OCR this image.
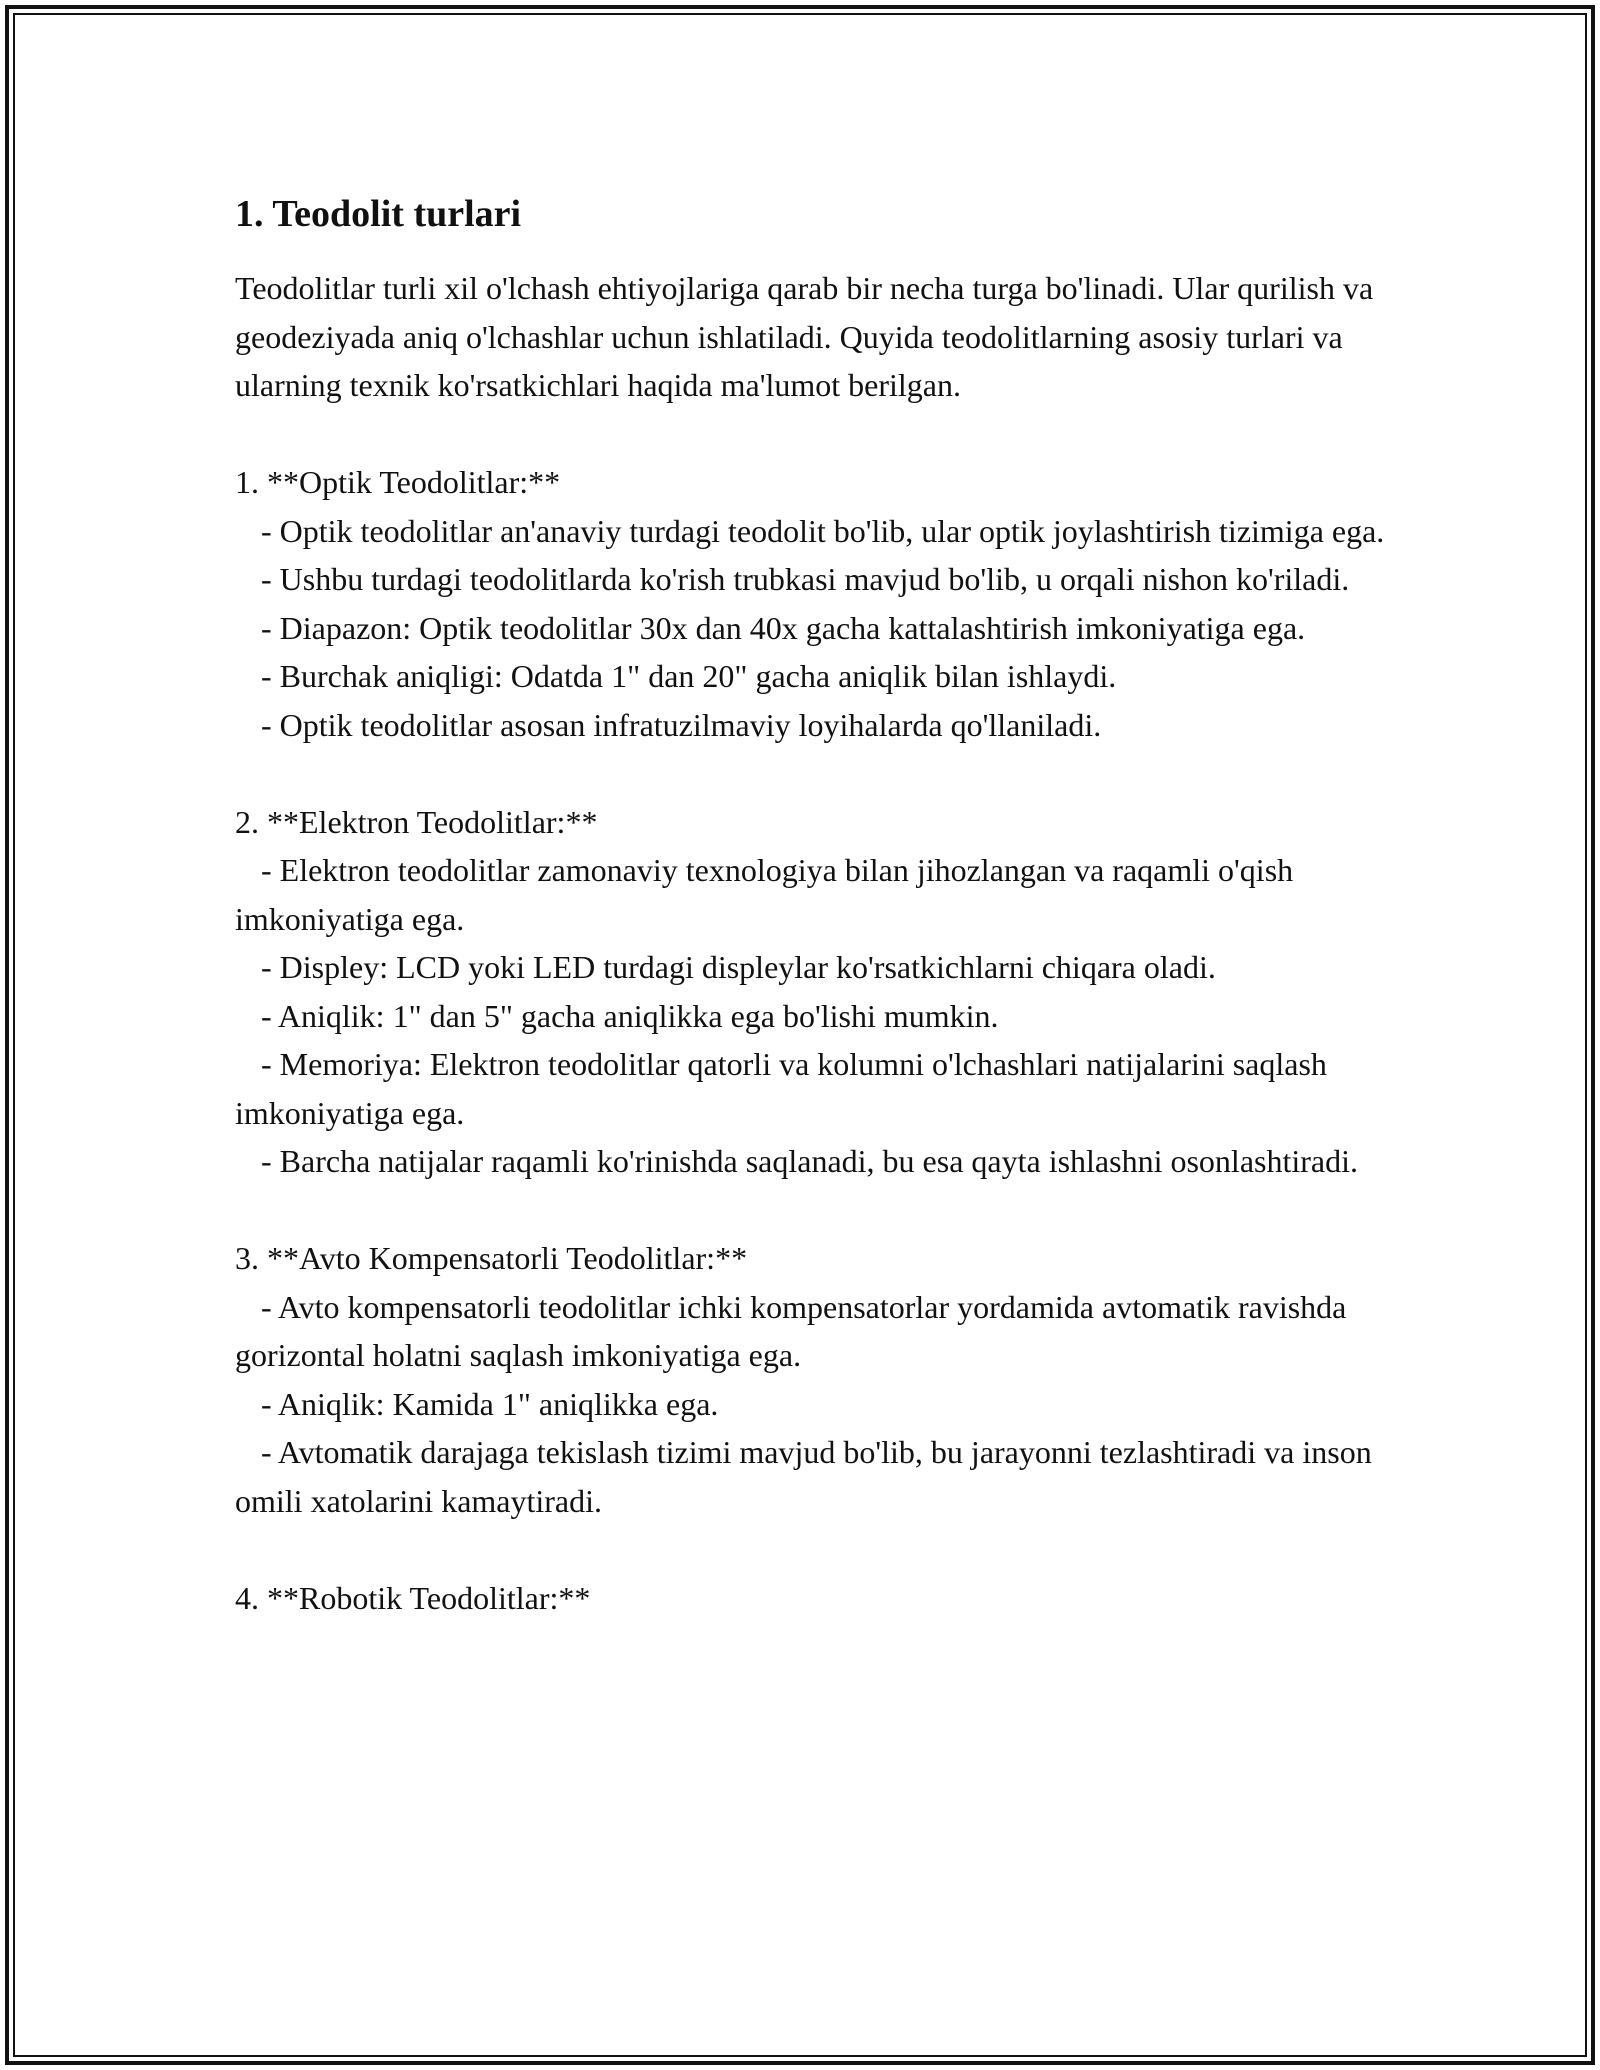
1. Teodolit turlari

Teodolitlar turli xil o'lchash ehtiyojlariga qarab bir necha turga bo'linadi. Ular qurilish va geodeziyada aniq o'lchashlar uchun ishlatiladi. Quyida teodolitlarning asosiy turlari va ularning texnik ko'rsatkichlari haqida ma'lumot berilgan.

1. **Optik Teodolitlar:**
- Optik teodolitlar an'anaviy turdagi teodolit bo'lib, ular optik joylashtirish tizimiga ega.
- Ushbu turdagi teodolitlarda ko'rish trubkasi mavjud bo'lib, u orqali nishon ko'riladi.
- Diapazon: Optik teodolitlar 30x dan 40x gacha kattalashtirish imkoniyatiga ega.
- Burchak aniqligi: Odatda 1" dan 20" gacha aniqlik bilan ishlaydi.
- Optik teodolitlar asosan infratuzilmaviy loyihalarda qo'llaniladi.
2. **Elektron Teodolitlar:**
- Elektron teodolitlar zamonaviy texnologiya bilan jihozlangan va raqamli o'qish imkoniyatiga ega.
- Displey: LCD yoki LED turdagi displeylar ko'rsatkichlarni chiqara oladi.
- Aniqlik: 1" dan 5" gacha aniqlikka ega bo'lishi mumkin.
- Memoriya: Elektron teodolitlar qatorli va kolumni o'lchashlari natijalarini saqlash imkoniyatiga ega.
- Barcha natijalar raqamli ko'rinishda saqlanadi, bu esa qayta ishlashni osonlashtiradi.
3. **Avto Kompensatorli Teodolitlar:**
- Avto kompensatorli teodolitlar ichki kompensatorlar yordamida avtomatik ravishda gorizontal holatni saqlash imkoniyatiga ega.
- Aniqlik: Kamida 1" aniqlikka ega.
- Avtomatik darajaga tekislash tizimi mavjud bo'lib, bu jarayonni tezlashtiradi va inson omili xatolarini kamaytiradi.
4. **Robotik Teodolitlar:**
